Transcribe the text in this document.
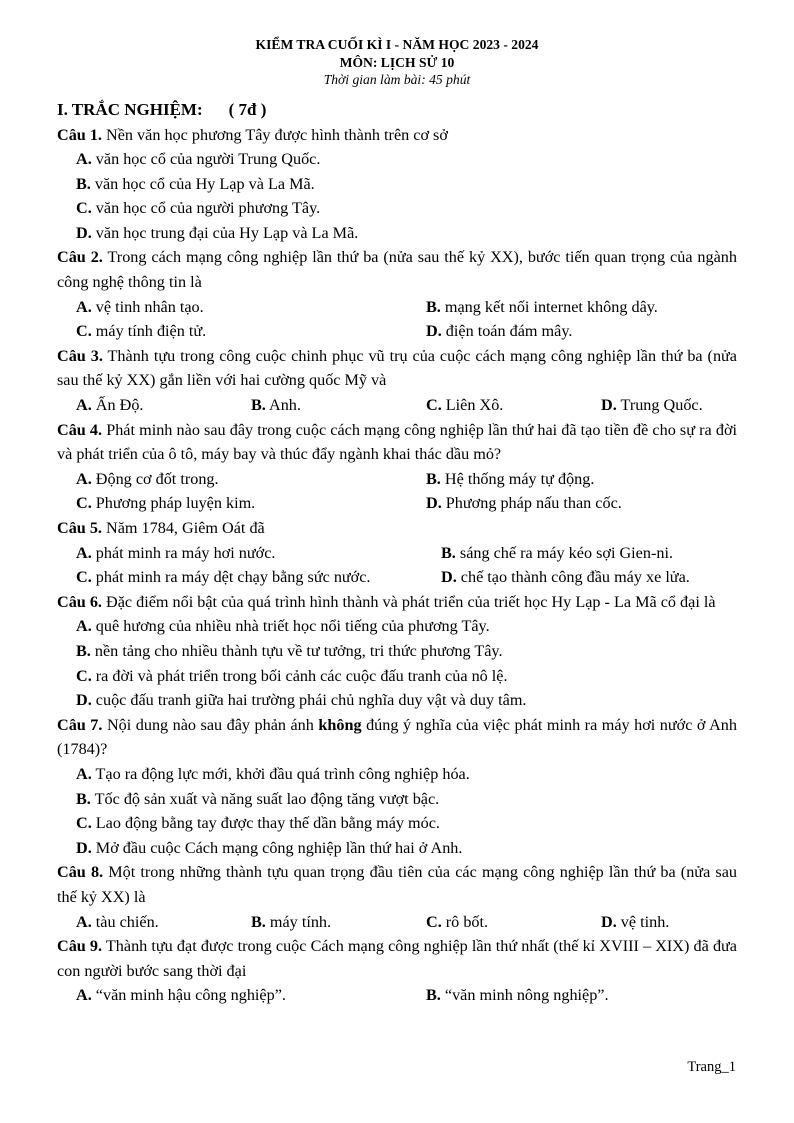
KIỂM TRA CUỐI KÌ I - NĂM HỌC 2023 - 2024
MÔN: LỊCH SỬ 10
Thời gian làm bài: 45 phút
I. TRẮC NGHIỆM: ( 7đ )
Câu 1. Nền văn học phương Tây được hình thành trên cơ sở
A. văn học cổ của người Trung Quốc.
B. văn học cổ của Hy Lạp và La Mã.
C. văn học cổ của người phương Tây.
D. văn học trung đại của Hy Lạp và La Mã.
Câu 2. Trong cách mạng công nghiệp lần thứ ba (nửa sau thế kỷ XX), bước tiến quan trọng của ngành công nghệ thông tin là
A. vệ tinh nhân tạo.	B. mạng kết nối internet không dây.
C. máy tính điện tử.	D. điện toán đám mây.
Câu 3. Thành tựu trong công cuộc chinh phục vũ trụ của cuộc cách mạng công nghiệp lần thứ ba (nửa sau thế kỷ XX) gắn liền với hai cường quốc Mỹ và
A. Ấn Độ.	B. Anh.	C. Liên Xô.	D. Trung Quốc.
Câu 4. Phát minh nào sau đây trong cuộc cách mạng công nghiệp lần thứ hai đã tạo tiền đề cho sự ra đời và phát triển của ô tô, máy bay và thúc đẩy ngành khai thác dầu mỏ?
A. Động cơ đốt trong.	B. Hệ thống máy tự động.
C. Phương pháp luyện kim.	D. Phương pháp nấu than cốc.
Câu 5. Năm 1784, Giêm Oát đã
A. phát minh ra máy hơi nước.	B. sáng chế ra máy kéo sợi Gien-ni.
C. phát minh ra máy dệt chạy bằng sức nước.	D. chế tạo thành công đầu máy xe lửa.
Câu 6. Đặc điểm nổi bật của quá trình hình thành và phát triển của triết học Hy Lạp - La Mã cổ đại là
A. quê hương của nhiều nhà triết học nổi tiếng của phương Tây.
B. nền tảng cho nhiều thành tựu về tư tưởng, tri thức phương Tây.
C. ra đời và phát triển trong bối cảnh các cuộc đấu tranh của nô lệ.
D. cuộc đấu tranh giữa hai trường phái chủ nghĩa duy vật và duy tâm.
Câu 7. Nội dung nào sau đây phản ánh không đúng ý nghĩa của việc phát minh ra máy hơi nước ở Anh (1784)?
A. Tạo ra động lực mới, khởi đầu quá trình công nghiệp hóa.
B. Tốc độ sản xuất và năng suất lao động tăng vượt bậc.
C. Lao động bằng tay được thay thế dần bằng máy móc.
D. Mở đầu cuộc Cách mạng công nghiệp lần thứ hai ở Anh.
Câu 8. Một trong những thành tựu quan trọng đầu tiên của các mạng công nghiệp lần thứ ba (nửa sau thế kỷ XX) là
A. tàu chiến.	B. máy tính.	C. rô bốt.	D. vệ tinh.
Câu 9. Thành tựu đạt được trong cuộc Cách mạng công nghiệp lần thứ nhất (thế kỉ XVIII – XIX) đã đưa con người bước sang thời đại
A. “văn minh hậu công nghiệp”.	B. “văn minh nông nghiệp”.
Trang_1
